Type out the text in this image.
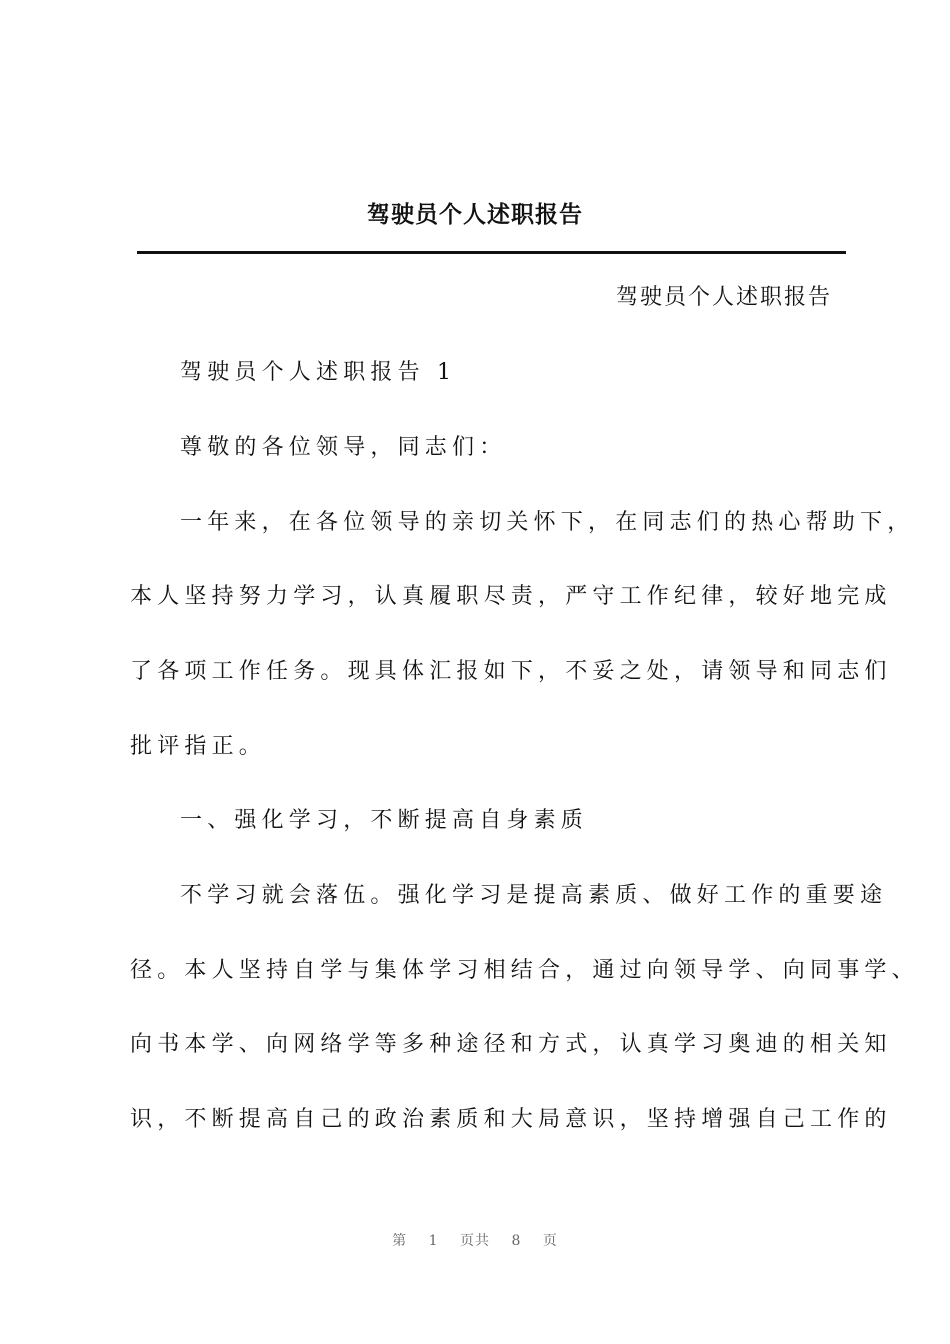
驾驶员个人述职报告
驾驶员个人述职报告
驾驶员个人述职报告 1
尊敬的各位领导，同志们：
一年来，在各位领导的亲切关怀下，在同志们的热心帮助下，
本人坚持努力学习，认真履职尽责，严守工作纪律，较好地完成
了各项工作任务。现具体汇报如下，不妥之处，请领导和同志们
批评指正。
一、强化学习，不断提高自身素质
不学习就会落伍。强化学习是提高素质、做好工作的重要途
径。本人坚持自学与集体学习相结合，通过向领导学、向同事学、
向书本学、向网络学等多种途径和方式，认真学习奥迪的相关知
识，不断提高自己的政治素质和大局意识，坚持增强自己工作的
第 1 页共 8 页
